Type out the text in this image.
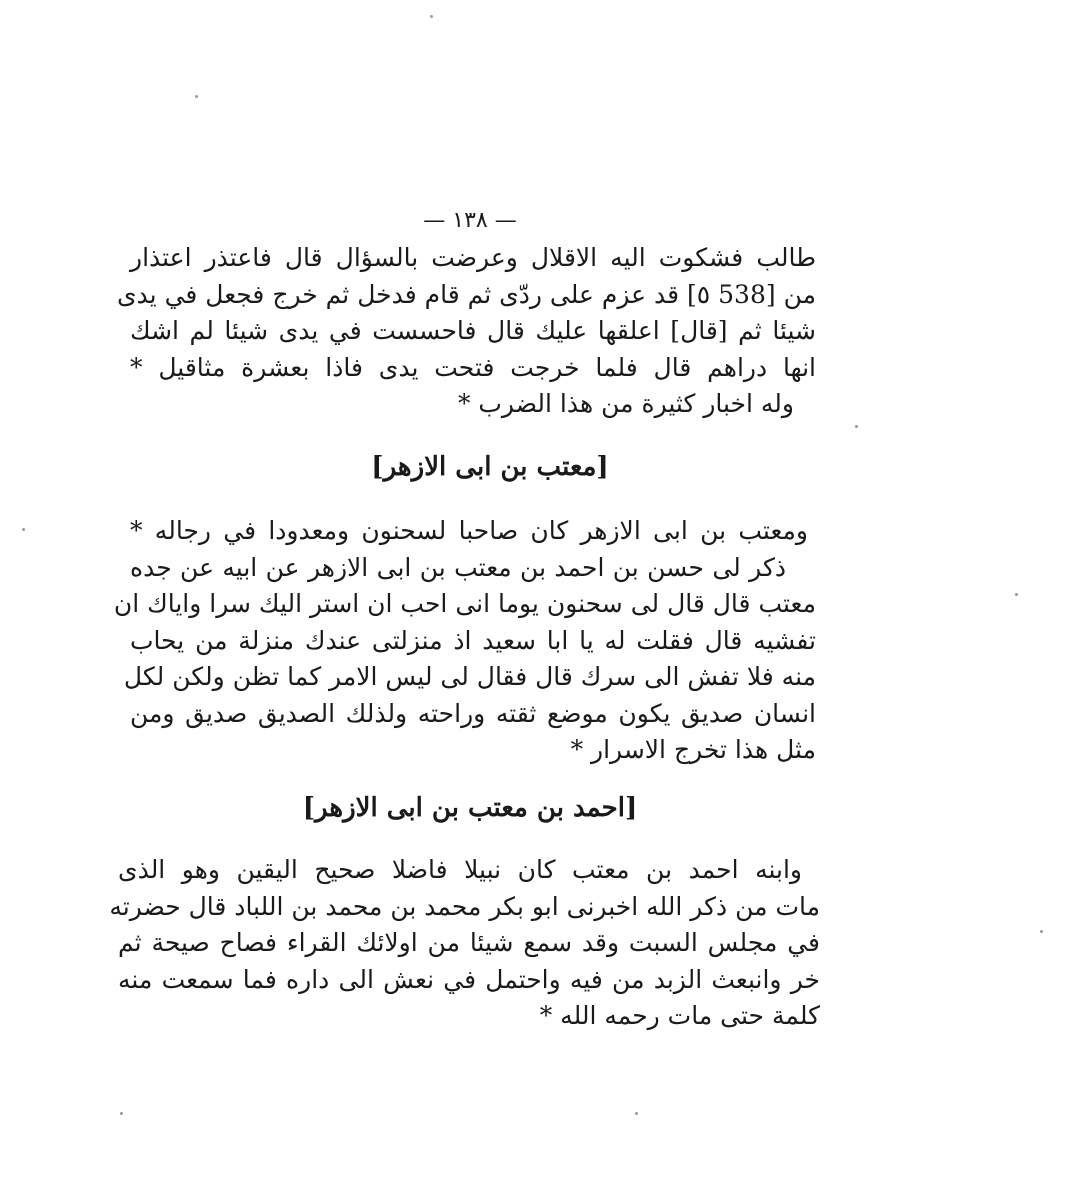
— ١٣٨ —
طالب فشكوت اليه الاقلال وعرضت بالسؤال قال فاعتذر اعتذار
من [538 ٥] قد عزم على ردّى ثم قام فدخل ثم خرج فجعل في يدى
شيئا ثم [قال] اعلقها عليك قال فاحسست في يدى شيئا لم اشك
انها دراهم قال فلما خرجت فتحت يدى فاذا بعشرة مثاقيل *
وله اخبار كثيرة من هذا الضرب *
[معتب بن ابى الازهر]
ومعتب بن ابى الازهر كان صاحبا لسحنون ومعدودا في رجاله *
ذكر لى حسن بن احمد بن معتب بن ابى الازهر عن ابيه عن جده
معتب قال قال لى سحنون يوما انى احب ان استر اليك سرا واياك ان
تفشيه قال فقلت له يا ابا سعيد اذ منزلتى عندك منزلة من يحاب
منه فلا تفش الى سرك قال فقال لى ليس الامر كما تظن ولكن لكل
انسان صديق يكون موضع ثقته وراحته ولذلك الصديق صديق ومن
مثل هذا تخرج الاسرار *
[احمد بن معتب بن ابى الازهر]
وابنه احمد بن معتب كان نبيلا فاضلا صحيح اليقين وهو الذى
مات من ذكر الله اخبرنى ابو بكر محمد بن محمد بن اللباد قال حضرته
في مجلس السبت وقد سمع شيئا من اولائك القراء فصاح صيحة ثم
خر وانبعث الزبد من فيه واحتمل في نعش الى داره فما سمعت منه
كلمة حتى مات رحمه الله *
